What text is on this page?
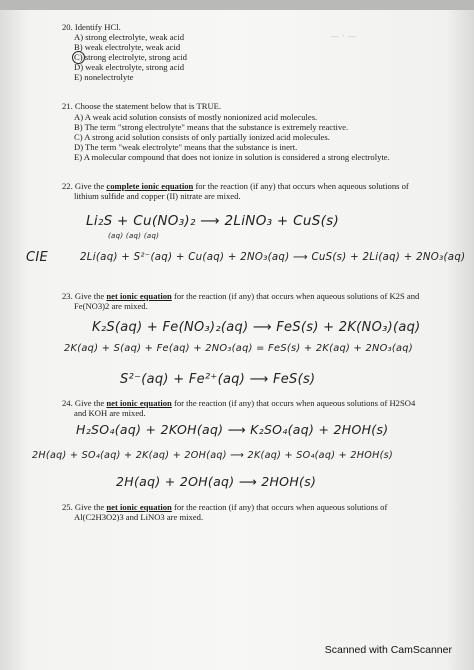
20. Identify HCl.
A) strong electrolyte, weak acid
B) weak electrolyte, weak acid
C) strong electrolyte, strong acid
D) weak electrolyte, strong acid
E) nonelectrolyte
21. Choose the statement below that is TRUE.
A) A weak acid solution consists of mostly nonionized acid molecules.
B) The term "strong electrolyte" means that the substance is extremely reactive.
C) A strong acid solution consists of only partially ionized acid molecules.
D) The term "weak electrolyte" means that the substance is inert.
E) A molecular compound that does not ionize in solution is considered a strong electrolyte.
22. Give the complete ionic equation for the reaction (if any) that occurs when aqueous solutions of
lithium sulfide and copper (II) nitrate are mixed.
Li₂S + Cu(NO₃)₂ ⟶ 2LiNO₃ + CuS(s)
(aq) (aq) (aq)
CIE	2Li(aq) + S²⁻(aq) + Cu(aq) + 2NO₃(aq) ⟶ CuS(s) + 2Li(aq) + 2NO₃(aq)
23. Give the net ionic equation for the reaction (if any) that occurs when aqueous solutions of K2S and
Fe(NO3)2 are mixed.
K₂S(aq) + Fe(NO₃)₂(aq) ⟶ FeS(s) + 2K(NO₃)(aq)
2K(aq) + S(aq) + Fe(aq) + 2NO₃(aq) = FeS(s) + 2K(aq) + 2NO₃(aq)
S²⁻(aq) + Fe²⁺(aq) ⟶ FeS(s)
24. Give the net ionic equation for the reaction (if any) that occurs when aqueous solutions of H2SO4
and KOH are mixed.
H₂SO₄(aq) + 2KOH(aq) ⟶ K₂SO₄(aq) + 2HOH(s)
2H(aq) + SO₄(aq) + 2K(aq) + 2OH(aq) ⟶ 2K(aq) + SO₄(aq) + 2HOH(s)
2H(aq) + 2OH(aq) ⟶ 2HOH(s)
25. Give the net ionic equation for the reaction (if any) that occurs when aqueous solutions of
Al(C2H3O2)3 and LiNO3 are mixed.
— · —
Scanned with CamScanner
